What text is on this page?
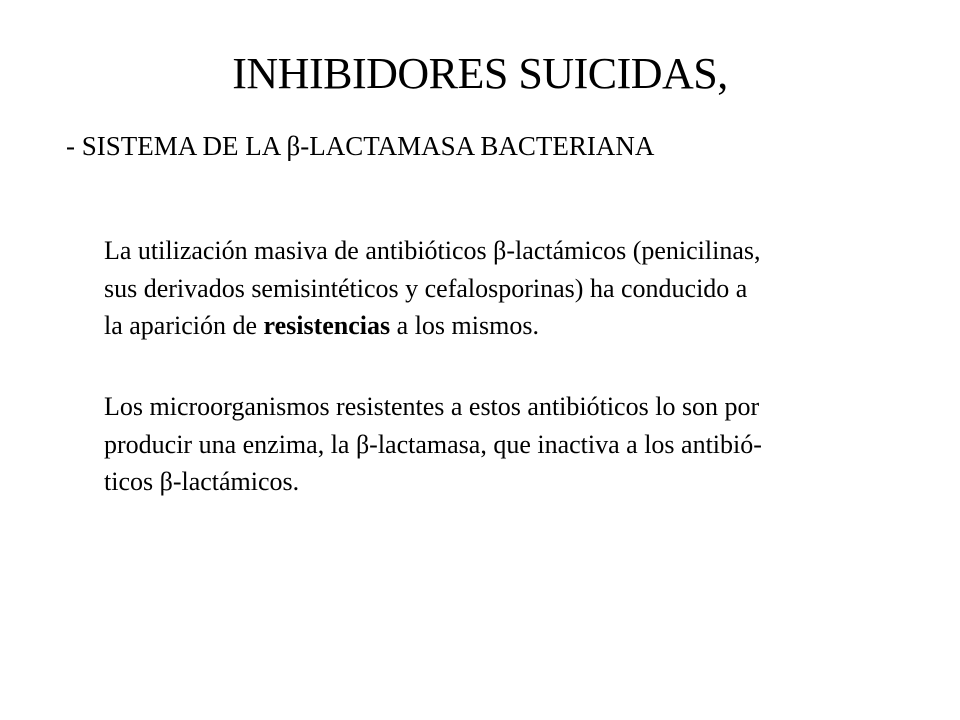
INHIBIDORES SUICIDAS,
- SISTEMA DE LA β-LACTAMASA BACTERIANA

La utilización masiva de antibióticos β-lactámicos (penicilinas,
sus derivados semisintéticos y cefalosporinas) ha conducido a
la aparición de resistencias a los mismos.

Los microorganismos resistentes a estos antibióticos lo son por
producir una enzima, la β-lactamasa, que inactiva a los antibió-
ticos β-lactámicos.
